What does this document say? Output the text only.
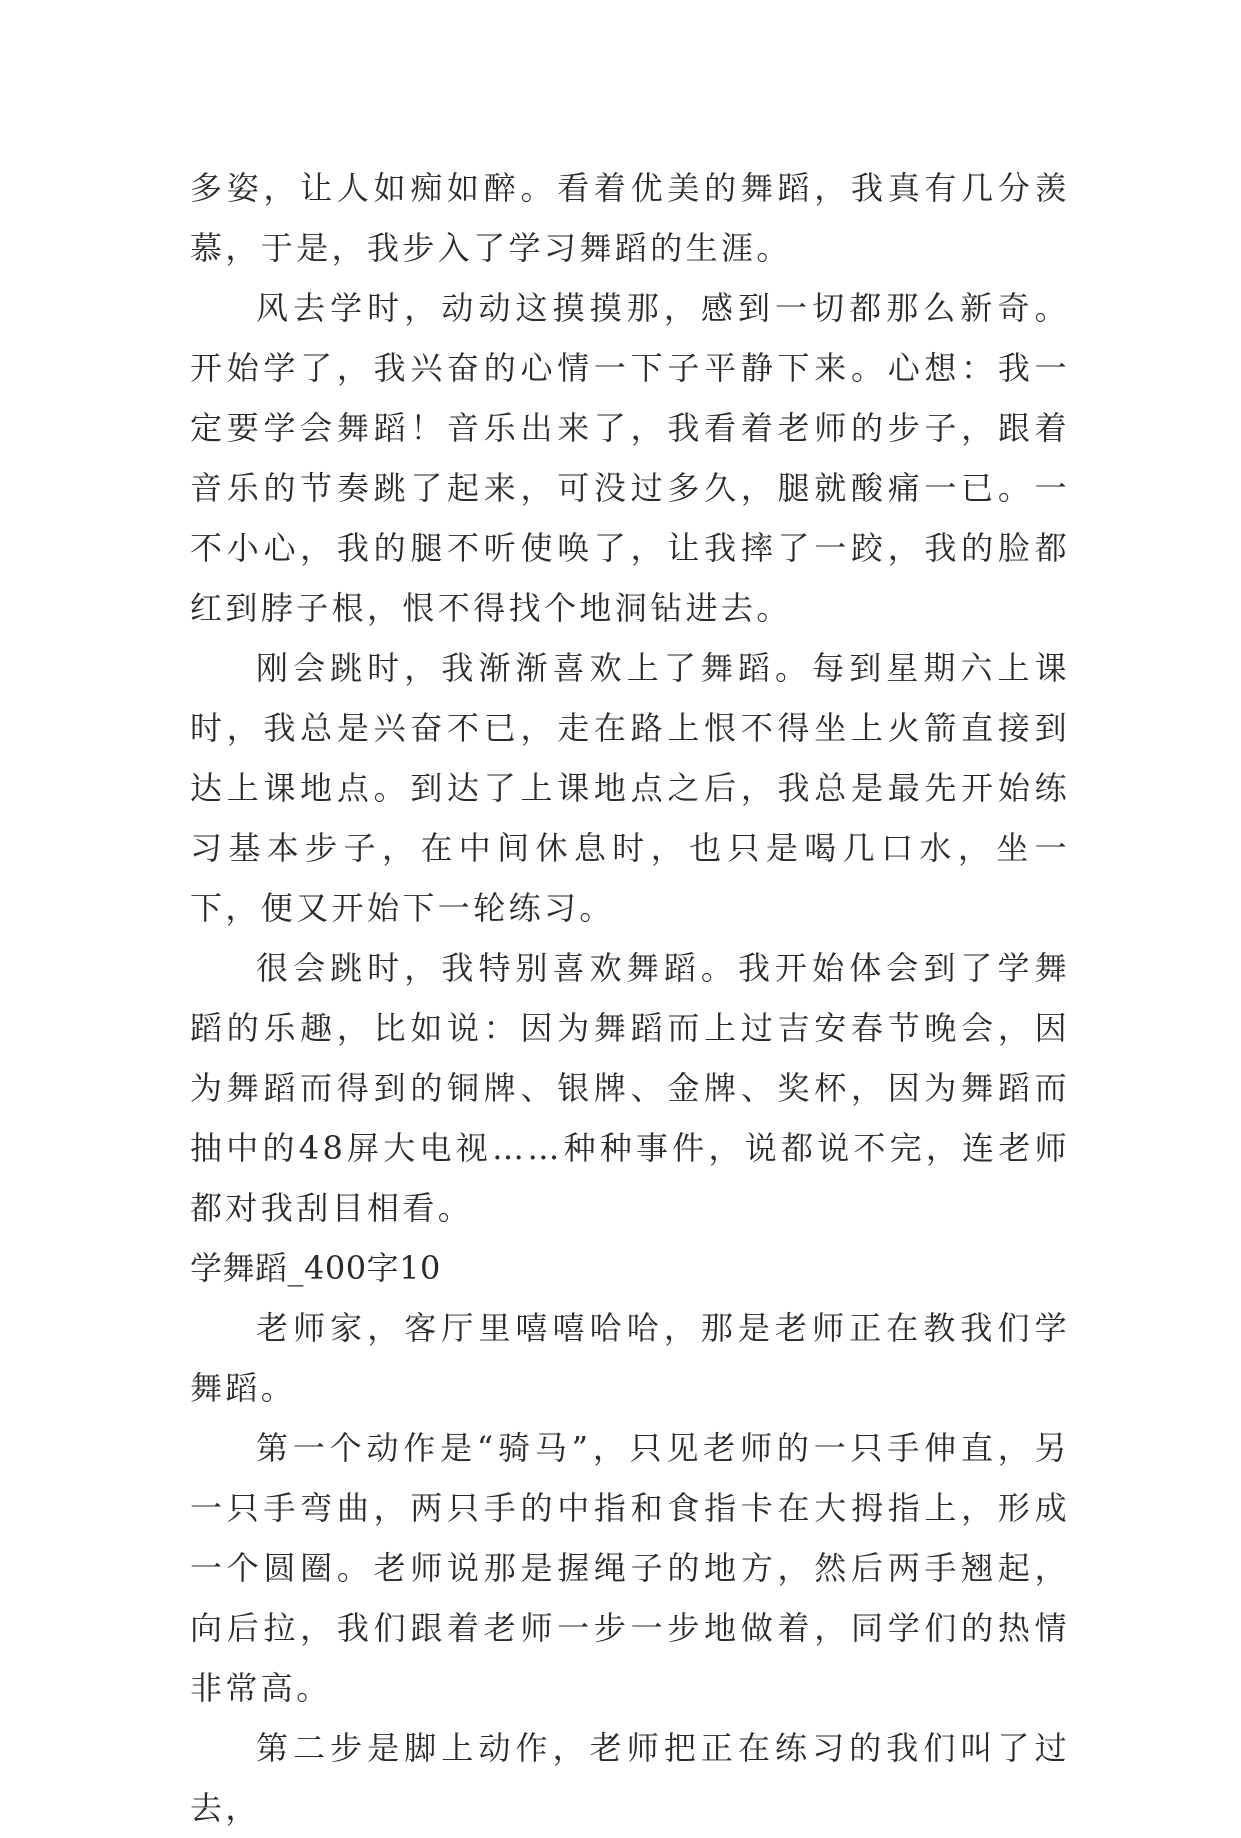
多姿，让人如痴如醉。看着优美的舞蹈，我真有几分羡慕，于是，我步入了学习舞蹈的生涯。

风去学时，动动这摸摸那，感到一切都那么新奇。开始学了，我兴奋的心情一下子平静下来。心想：我一定要学会舞蹈！音乐出来了，我看着老师的步子，跟着音乐的节奏跳了起来，可没过多久，腿就酸痛一已。一不小心，我的腿不听使唤了，让我摔了一跤，我的脸都红到脖子根，恨不得找个地洞钻进去。

刚会跳时，我渐渐喜欢上了舞蹈。每到星期六上课时，我总是兴奋不已，走在路上恨不得坐上火箭直接到达上课地点。到达了上课地点之后，我总是最先开始练习基本步子，在中间休息时，也只是喝几口水，坐一下，便又开始下一轮练习。

很会跳时，我特别喜欢舞蹈。我开始体会到了学舞蹈的乐趣，比如说：因为舞蹈而上过吉安春节晚会，因为舞蹈而得到的铜牌、银牌、金牌、奖杯，因为舞蹈而抽中的48屏大电视……种种事件，说都说不完，连老师都对我刮目相看。

学舞蹈_400字10

老师家，客厅里嘻嘻哈哈，那是老师正在教我们学舞蹈。

第一个动作是“骑马”，只见老师的一只手伸直，另一只手弯曲，两只手的中指和食指卡在大拇指上，形成一个圆圈。老师说那是握绳子的地方，然后两手翘起，向后拉，我们跟着老师一步一步地做着，同学们的热情非常高。

第二步是脚上动作，老师把正在练习的我们叫了过去，
